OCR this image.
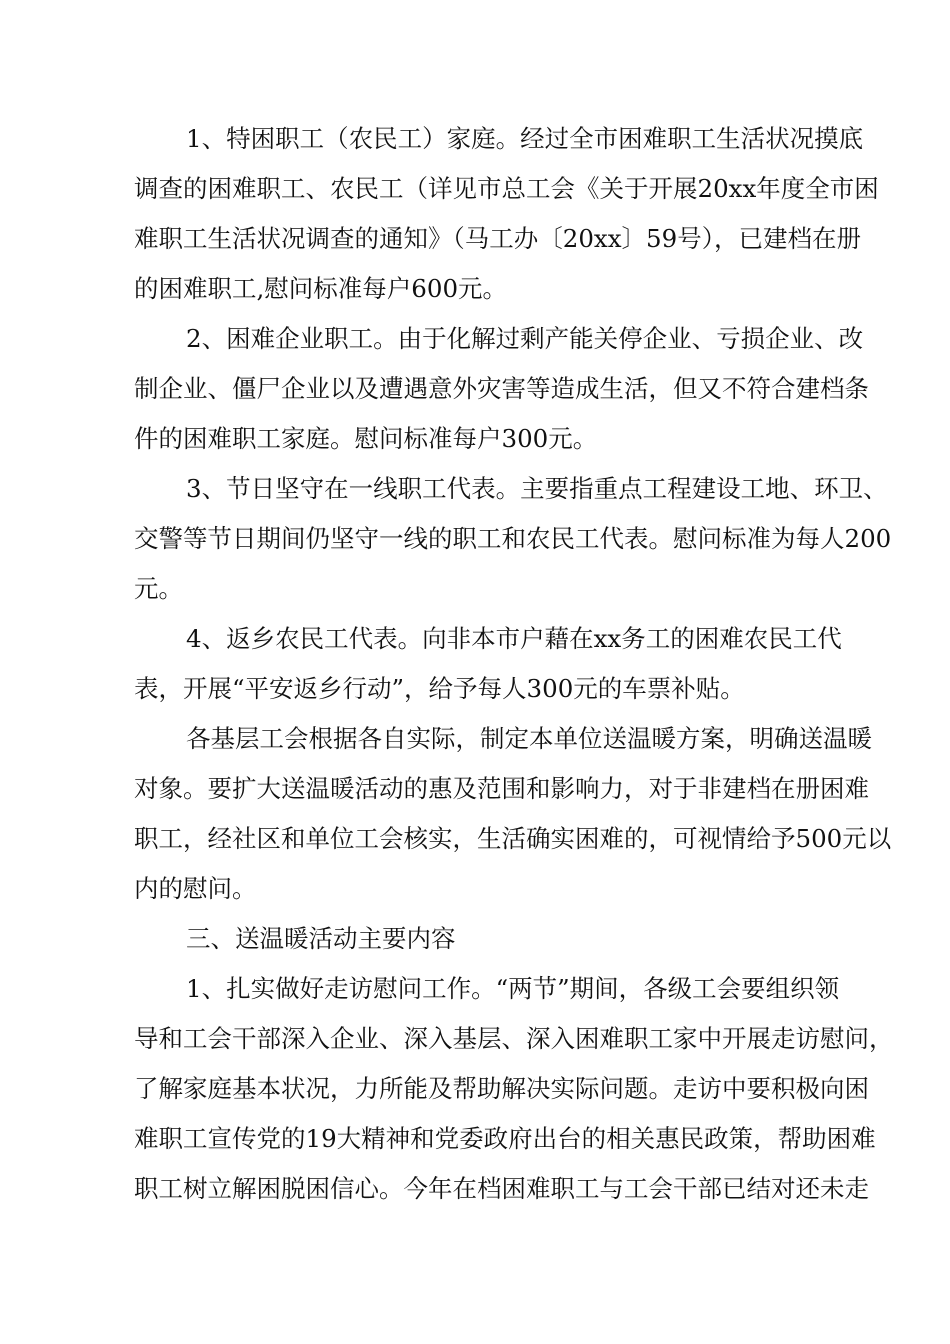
1、特困职工（农民工）家庭。经过全市困难职工生活状况摸底
调查的困难职工、农民工（详见市总工会《关于开展20xx年度全市困
难职工生活状况调查的通知》（马工办〔20xx〕59号），已建档在册
的困难职工,慰问标准每户600元。
2、困难企业职工。由于化解过剩产能关停企业、亏损企业、改
制企业、僵尸企业以及遭遇意外灾害等造成生活，但又不符合建档条
件的困难职工家庭。慰问标准每户300元。
3、节日坚守在一线职工代表。主要指重点工程建设工地、环卫、
交警等节日期间仍坚守一线的职工和农民工代表。慰问标准为每人200
元。
4、返乡农民工代表。向非本市户藉在xx务工的困难农民工代
表，开展“平安返乡行动”，给予每人300元的车票补贴。
各基层工会根据各自实际，制定本单位送温暖方案，明确送温暖
对象。要扩大送温暖活动的惠及范围和影响力，对于非建档在册困难
职工，经社区和单位工会核实，生活确实困难的，可视情给予500元以
内的慰问。
三、送温暖活动主要内容
1、扎实做好走访慰问工作。“两节”期间，各级工会要组织领
导和工会干部深入企业、深入基层、深入困难职工家中开展走访慰问，
了解家庭基本状况，力所能及帮助解决实际问题。走访中要积极向困
难职工宣传党的19大精神和党委政府出台的相关惠民政策，帮助困难
职工树立解困脱困信心。今年在档困难职工与工会干部已结对还未走
